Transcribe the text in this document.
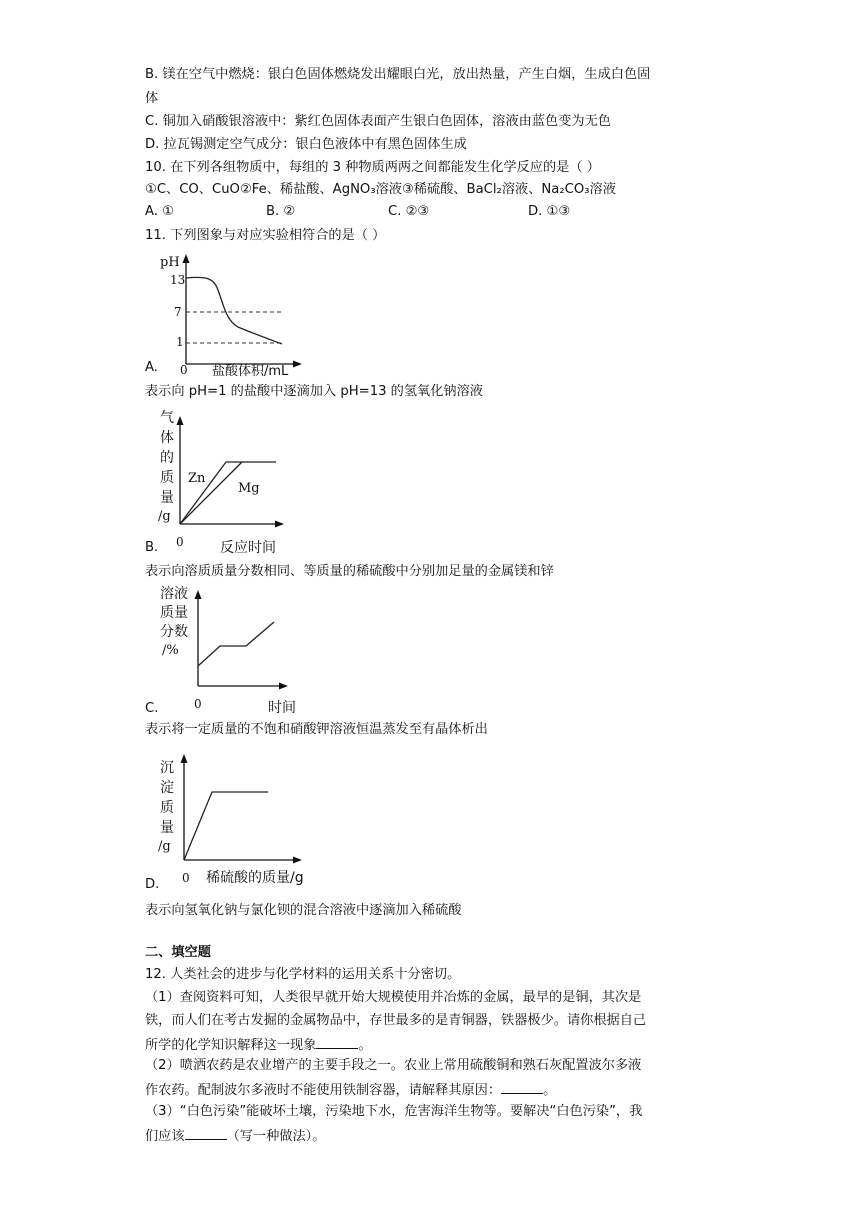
B. 镁在空气中燃烧：银白色固体燃烧发出耀眼白光，放出热量，产生白烟，生成白色固
体
C. 铜加入硝酸银溶液中：紫红色固体表面产生银白色固体，溶液由蓝色变为无色
D. 拉瓦锡测定空气成分：银白色液体中有黑色固体生成
10. 在下列各组物质中，每组的 3 种物质两两之间都能发生化学反应的是（ ）
①C、CO、CuO②Fe、稀盐酸、AgNO₃溶液③稀硫酸、BaCl₂溶液、Na₂CO₃溶液
A. ①	B. ②	C. ②③	D. ①③
11. 下列图象与对应实验相符合的是（ ）
pH
13
7
1
0 盐酸体积/mL
A.
表示向 pH=1 的盐酸中逐滴加入 pH=13 的氢氧化钠溶液
气
体
的
质
量
/g
Zn
Mg
0	反应时间
B.
表示向溶质质量分数相同、等质量的稀硫酸中分别加足量的金属镁和锌
溶液
质量
分数
/%
0	时间
C.
表示将一定质量的不饱和硝酸钾溶液恒温蒸发至有晶体析出
沉
淀
质
量
/g
0 稀硫酸的质量/g
D.
表示向氢氧化钠与氯化钡的混合溶液中逐滴加入稀硫酸
二、填空题
12. 人类社会的进步与化学材料的运用关系十分密切。
（1）查阅资料可知，人类很早就开始大规模使用并冶炼的金属，最早的是铜，其次是
铁，而人们在考古发掘的金属物品中，存世最多的是青铜器，铁器极少。请你根据自己
所学的化学知识解释这一现象	。
（2）喷洒农药是农业增产的主要手段之一。农业上常用硫酸铜和熟石灰配置波尔多液
作农药。配制波尔多液时不能使用铁制容器，请解释其原因：	。
（3）“白色污染”能破坏土壤，污染地下水，危害海洋生物等。要解决“白色污染”，我
们应该	（写一种做法）。
